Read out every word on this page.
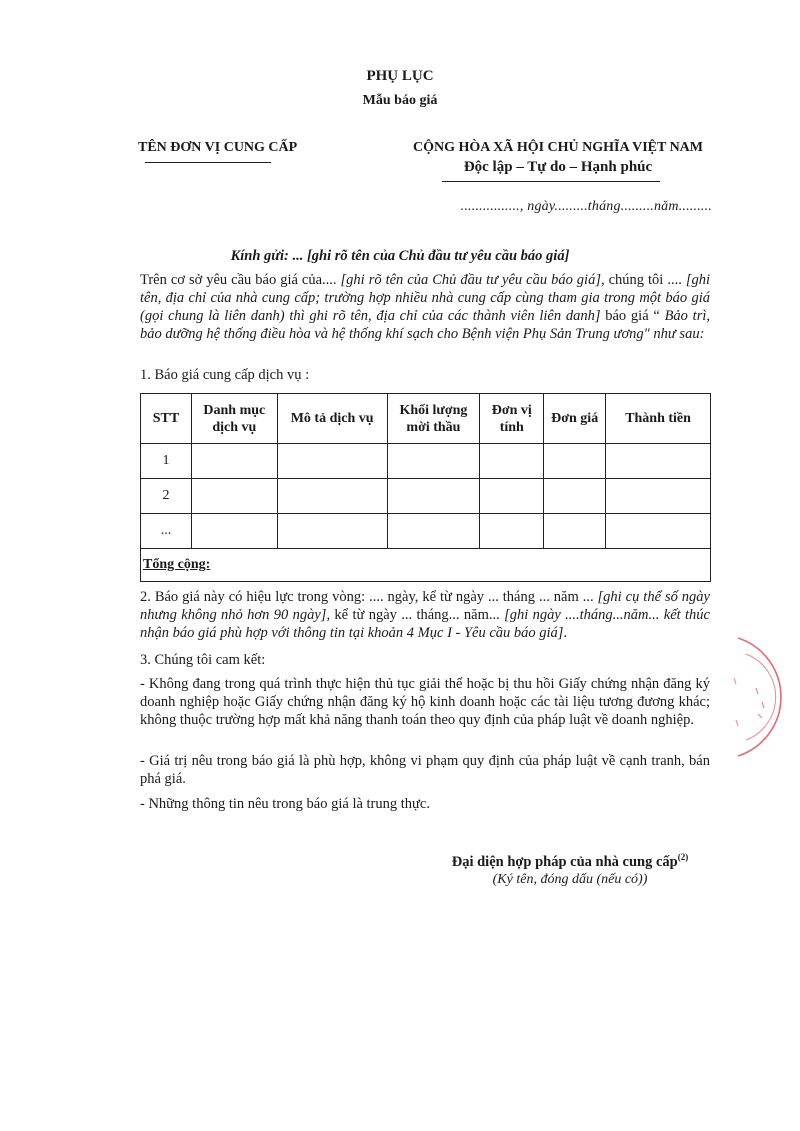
PHỤ LỤC
Mẫu báo giá
TÊN ĐƠN VỊ CUNG CẤP	CỘNG HÒA XÃ HỘI CHỦ NGHĨA VIỆT NAM
Độc lập – Tự do – Hạnh phúc
................, ngày.........tháng.........năm.........
Kính gửi: ... [ghi rõ tên của Chủ đầu tư yêu cầu báo giá]
Trên cơ sở yêu cầu báo giá của.... [ghi rõ tên của Chủ đầu tư yêu cầu báo giá], chúng tôi .... [ghi tên, địa chỉ của nhà cung cấp; trường hợp nhiều nhà cung cấp cùng tham gia trong một báo giá (gọi chung là liên danh) thì ghi rõ tên, địa chỉ của các thành viên liên danh] báo giá “ Bảo trì, bảo dưỡng hệ thống điều hòa và hệ thống khí sạch cho Bệnh viện Phụ Sản Trung ương" như sau:
1. Báo giá cung cấp dịch vụ :
STT	Danh mục dịch vụ	Mô tả dịch vụ	Khối lượng mời thầu	Đơn vị tính	Đơn giá	Thành tiền
1						
2						
...						
Tổng cộng:						
2. Báo giá này có hiệu lực trong vòng: .... ngày, kể từ ngày ... tháng ... năm ... [ghi cụ thể số ngày nhưng không nhỏ hơn 90 ngày], kể từ ngày ... tháng... năm... [ghi ngày ....tháng...năm... kết thúc nhận báo giá phù hợp với thông tin tại khoản 4 Mục I - Yêu cầu báo giá].
3. Chúng tôi cam kết:
- Không đang trong quá trình thực hiện thủ tục giải thể hoặc bị thu hồi Giấy chứng nhận đăng ký doanh nghiệp hoặc Giấy chứng nhận đăng ký hộ kinh doanh hoặc các tài liệu tương đương khác; không thuộc trường hợp mất khả năng thanh toán theo quy định của pháp luật về doanh nghiệp.
- Giá trị nêu trong báo giá là phù hợp, không vi phạm quy định của pháp luật về cạnh tranh, bán phá giá.
- Những thông tin nêu trong báo giá là trung thực.
Đại diện hợp pháp của nhà cung cấp$^{(2)}$
(Ký tên, đóng dấu (nếu có))
